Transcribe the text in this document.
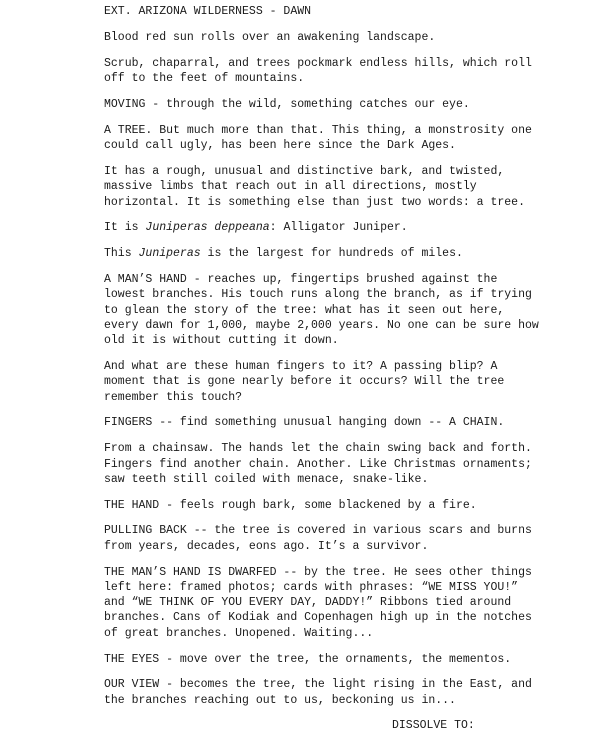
EXT. ARIZONA WILDERNESS - DAWN

Blood red sun rolls over an awakening landscape.

Scrub, chaparral, and trees pockmark endless hills, which roll off to the feet of mountains.

MOVING - through the wild, something catches our eye.

A TREE. But much more than that. This thing, a monstrosity one could call ugly, has been here since the Dark Ages.

It has a rough, unusual and distinctive bark, and twisted, massive limbs that reach out in all directions, mostly horizontal. It is something else than just two words: a tree.

It is Juniperas deppeana: Alligator Juniper.

This Juniperas is the largest for hundreds of miles.

A MAN’S HAND - reaches up, fingertips brushed against the lowest branches. His touch runs along the branch, as if trying to glean the story of the tree: what has it seen out here, every dawn for 1,000, maybe 2,000 years. No one can be sure how old it is without cutting it down.

And what are these human fingers to it? A passing blip? A moment that is gone nearly before it occurs? Will the tree remember this touch?

FINGERS -- find something unusual hanging down -- A CHAIN.

From a chainsaw. The hands let the chain swing back and forth. Fingers find another chain. Another. Like Christmas ornaments; saw teeth still coiled with menace, snake-like.

THE HAND - feels rough bark, some blackened by a fire.

PULLING BACK -- the tree is covered in various scars and burns from years, decades, eons ago. It’s a survivor.

THE MAN’S HAND IS DWARFED -- by the tree. He sees other things left here: framed photos; cards with phrases: “WE MISS YOU!” and “WE THINK OF YOU EVERY DAY, DADDY!” Ribbons tied around branches. Cans of Kodiak and Copenhagen high up in the notches of great branches. Unopened. Waiting...

THE EYES - move over the tree, the ornaments, the mementos.

OUR VIEW - becomes the tree, the light rising in the East, and the branches reaching out to us, beckoning us in...

DISSOLVE TO:
